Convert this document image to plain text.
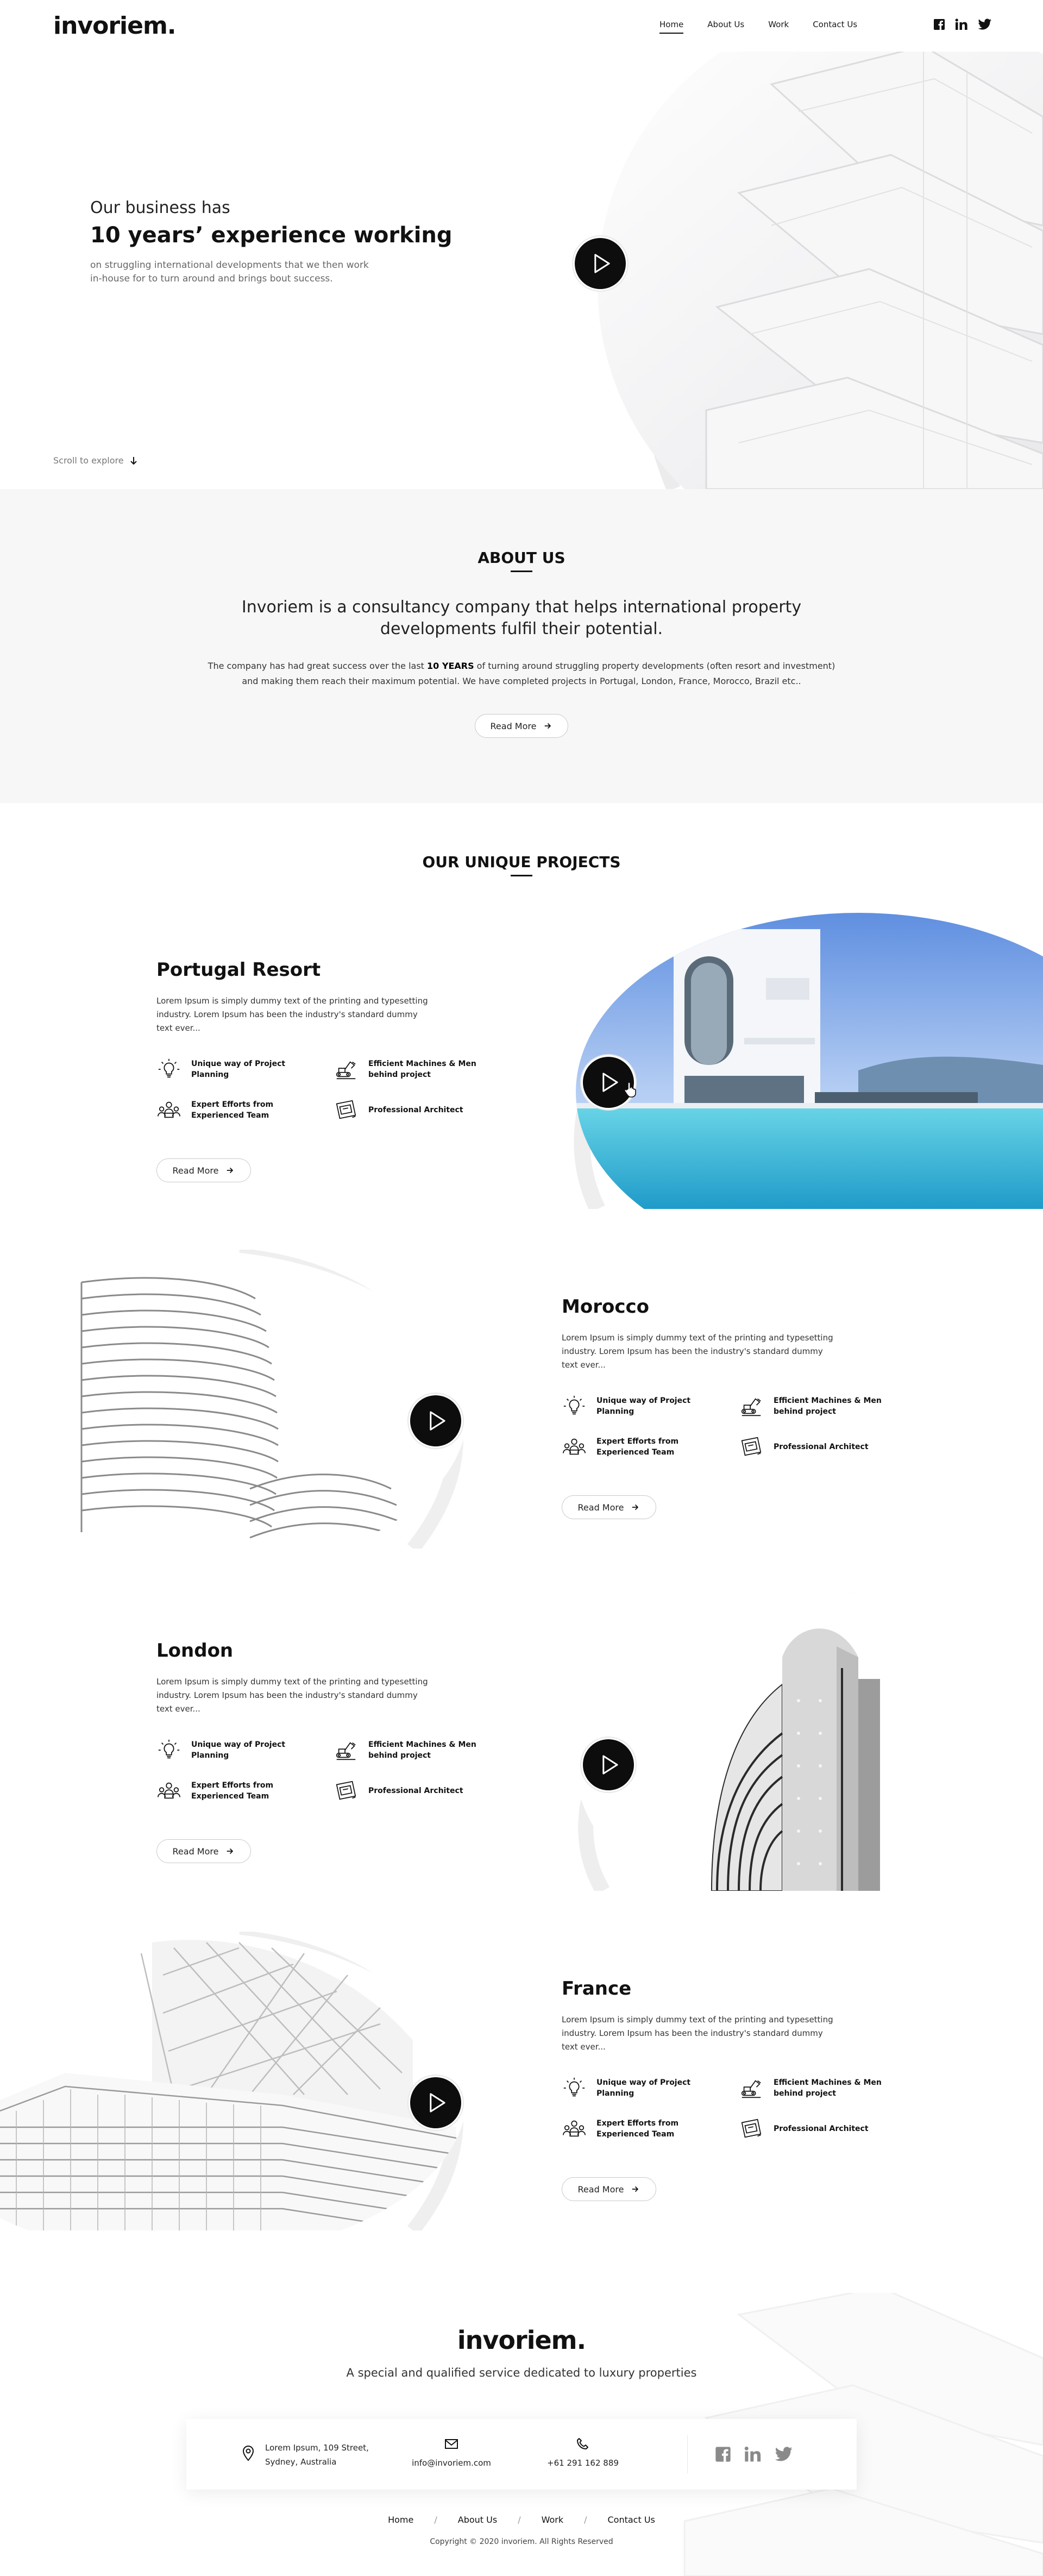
invoriem.	Home	About Us	Work	Contact Us
Our business has
10 years’ experience working
on struggling international developments that we then work
in-house for to turn around and brings bout success.
Scroll to explore
ABOUT US
Invoriem is a consultancy company that helps international property
developments fulfil their potential.
The company has had great success over the last 10 YEARS of turning around struggling property developments (often resort and investment)
and making them reach their maximum potential. We have completed projects in Portugal, London, France, Morocco, Brazil etc..
Read More
OUR UNIQUE PROJECTS
Portugal Resort
Lorem Ipsum is simply dummy text of the printing and typesetting
industry. Lorem Ipsum has been the industry's standard dummy
text ever...
Unique way of Project
Planning
Efficient Machines & Men
behind project
Expert Efforts from
Experienced Team
Professional Architect
Read More
Morocco
Lorem Ipsum is simply dummy text of the printing and typesetting
industry. Lorem Ipsum has been the industry's standard dummy
text ever...
Unique way of Project
Planning
Efficient Machines & Men
behind project
Expert Efforts from
Experienced Team
Professional Architect
Read More
London
Lorem Ipsum is simply dummy text of the printing and typesetting
industry. Lorem Ipsum has been the industry's standard dummy
text ever...
Unique way of Project
Planning
Efficient Machines & Men
behind project
Expert Efforts from
Experienced Team
Professional Architect
Read More
France
Lorem Ipsum is simply dummy text of the printing and typesetting
industry. Lorem Ipsum has been the industry's standard dummy
text ever...
Unique way of Project
Planning
Efficient Machines & Men
behind project
Expert Efforts from
Experienced Team
Professional Architect
Read More
invoriem.
A special and qualified service dedicated to luxury properties
Lorem Ipsum, 109 Street,
Sydney, Australia	info@invoriem.com	+61 291 162 889
Home / About Us / Work / Contact Us
Copyright © 2020 invoriem. All Rights Reserved
